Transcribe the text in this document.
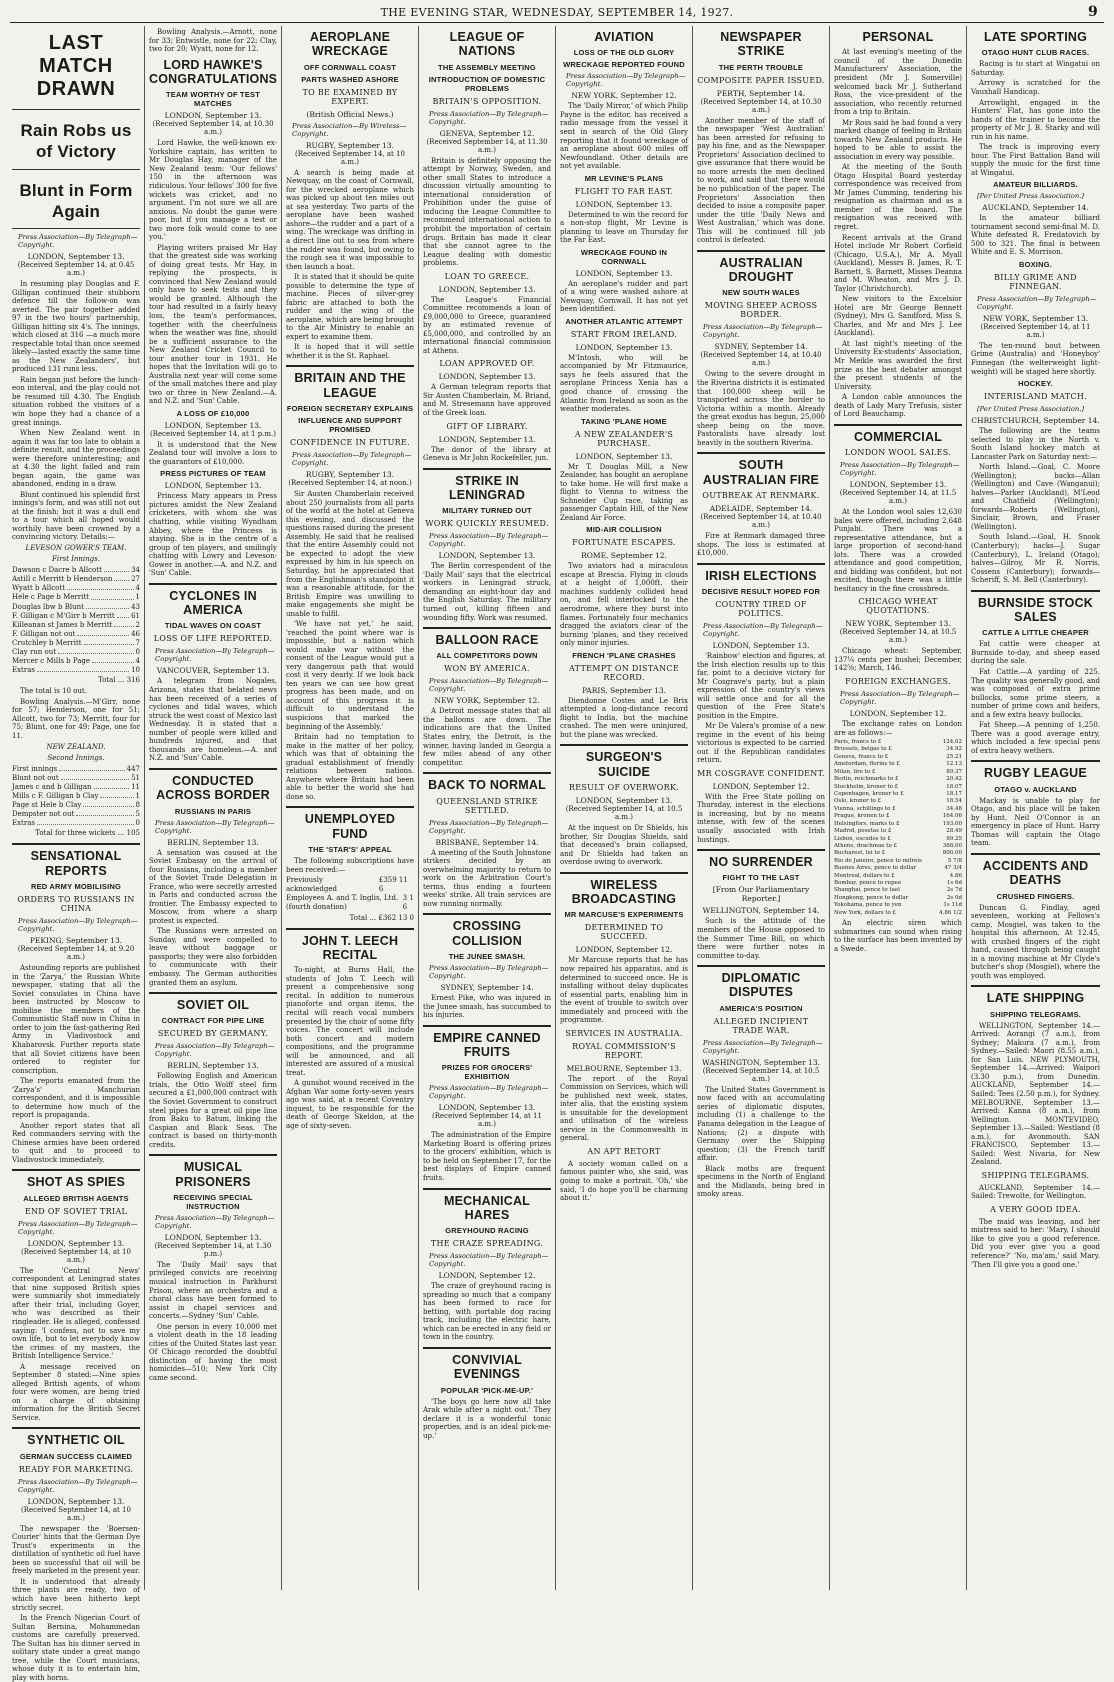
THE EVENING STAR, WEDNESDAY, SEPTEMBER 14, 1927.	9
LAST MATCH DRAWN
Rain Robs us of Victory
Blunt in Form Again
Press Association—By Telegraph—Copyright.
LONDON, September 13.
(Received September 14, at 0.45 a.m.)

In resuming play Douglas and F. Gilligan continued their stubborn defence till the follow-on was averted. The pair together added 97 in the two hours' partnership, Gilligan hitting six 4's. The innings, which closed at 316 —a much more respectable total than once seemed likely—lasted exactly the same time as the New Zealanders', but produced 131 runs less.

Rain began just before the lunch-eon interval, and the play could not be resumed till 4.30. The English situation robbed the visitors of a win hope they had a chance of a great innings.

When New Zealand went in again it was far too late to obtain a definite result, and the proceedings were therefore uninteresting; and at 4.30 the light failed and rain began again, the game was abandoned, ending in a draw.

Blunt continued his splendid first innings's form, and was still not out at the finish; but it was a dull end to a tour which all hoped would worthily have been crowned by a convincing victory. Details:—

LEVESON GOWER'S TEAM.
First Innings.
Dawson c Dacre b Allcott	34
Astill c Merritt b Henderson	27
Wyatt b Allcott	4
Hele c Page b Merritt	1
Douglas lbw b Blunt	43
F. Gilligan c M'Girr b Merritt 61
Killeanan st James b Merritt	2
F. Gilligan not out	46
Crutchley b Merritt	7
Clay run out	0
Mercer c Mills b Page	4
Extras	10
Total ... 316

The total is 10 out.

Bowling Analysis.—M'Girr, none for 57; Henderson, one for 51; Allcott, two for 73; Merritt, four for 75; Blunt, one for 49; Page, one for 11.

NEW ZEALAND.
Second Innings.
First innings	447
Blunt not out	51
James c and b Gilligan	11
Mills c F. Gilligan b Clay	1
Page st Hele b Clay	8
Dempster not out	5
Extras	0
Total for three wickets ... 105
SENSATIONAL REPORTS
RED ARMY MOBILISING
ORDERS TO RUSSIANS IN CHINA
Press Association—By Telegraph—Copyright.
PEKING, September 13.
(Received September 14, at 9.20 a.m.)

Astounding reports are published in the 'Zarya,' the Russian White newspaper, stating that all the Soviet consulates in China have been instructed by Moscow to mobilise the members of the Communistic Staff now in China in order to join the fast-gathering Red Army in Vladivostock and Khabarovsk. Further reports state that all Soviet citizens have been ordered to register for conscription.

The reports emanated from the 'Zarya's' Manchurian correspondent, and it is impossible to determine how much of the report is propaganda.

Another report states that all Red commanders serving with the Chinese armies have been ordered to quit and to proceed to Vladivostock immediately.

SHOT AS SPIES
ALLEGED BRITISH AGENTS
END OF SOVIET TRIAL
Press Association—By Telegraph—Copyright.
LONDON, September 13.
(Received September 14, at 10 a.m.)

The 'Central News' correspondent at Leningrad states that nine supposed British spies were summarily shot immediately after their trial, including Goyer, who was described as their ringleader. He is alleged, confessed saying: 'I confess, not to save my own life, but to let everybody know the crimes of my masters, the British Intelligence Service.'

A message received on September 8 stated:—Nine spies alleged British agents, of whom four were women, are being tried on a charge of obtaining information for the British Secret Service.

SYNTHETIC OIL
GERMAN SUCCESS CLAIMED
READY FOR MARKETING.
Press Association—By Telegraph—Copyright.
LONDON, September 13.
(Received September 14, at 10 a.m.)

The newspaper the 'Boersen-Courier' hints that the German Dye Trust's experiments in the distillation of synthetic oil fuel have been so successful that oil will be freely marketed in the present year.

It is understood that already three plants are ready, two of which have been hitherto kept strictly secret.

In the French Nigerian Court of Sultan Bernina, Mohammedan customs are carefully preserved. The Sultan has his dinner served in solitary state under a great mango tree, while the Court musicians, whose duty it is to entertain him, play with horns.

Bowling Analysis.—Arnott, none for 33; Entwistle, none for 22; Clay, two for 20; Wyatt, none for 12.

LORD HAWKE'S CONGRATULATIONS
TEAM WORTHY OF TEST MATCHES
LONDON, September 13.
(Received September 14, at 10.30 a.m.)

Lord Hawke, the well-known ex-Yorkshire captain, has written to Mr Douglas Hay, manager of the New Zealand team: 'Our fellows' 150 in the afternoon was ridiculous. Your fellows' 300 for five wickets was cricket, and no argument. I'm not sure we all are anxious. No doubt the game were poor, but if you manage a test or two more folk would come to see you.'

Playing writers praised Mr Hay that the greatest side was working of doing great tests. Mr Hay, in replying the prospects, is convinced that New Zealand would only have to seek tests and they would be granted. Although the tour had resulted in a fairly heavy loss, the team's performances, together with the cheerfulness when the weather was fine, should be a sufficient assurance to the New Zealand Cricket Council to tour another tour in 1931. He hopes that the Invitation will go to Australia next year will come some of the small matches there and play two or three in New Zealand.—A. and N.Z. and 'Sun' Cable.

A LOSS OF £10,000
LONDON, September 13.
(Received September 14, at 1 p.m.)

It is understood that the New Zealand tour will involve a loss to the guarantors of £10,000.

PRESS PICTURES OF TEAM
LONDON, September 13.

Princess Mary appears in Press pictures amidst the New Zealand cricketers, with whom she was chatting, while visiting Wyndham Abbey, where the Princess is staying. She is in the centre of a group of ten players, and smilingly chatting with Lowry and Leveson-Gower in another.—A. and N.Z. and 'Sun' Cable.

CYCLONES IN AMERICA
TIDAL WAVES ON COAST
LOSS OF LIFE REPORTED.
Press Association—By Telegraph—Copyright.
VANCOUVER, September 13.

A telegram from Nogales, Arizona, states that belated news has been received of a series of cyclones and tidal waves, which struck the west coast of Mexico last Wednesday. It is stated that a number of people were killed and hundreds injured, and that thousands are homeless.—A. and N.Z. and 'Sun' Cable.

CONDUCTED ACROSS BORDER
RUSSIANS IN PARIS
Press Association—By Telegraph—Copyright.
BERLIN, September 13.

A sensation was caused at the Soviet Embassy on the arrival of four Russians, including a member of the Soviet Trade Delegation in France, who were secretly arrested in Paris and conducted across the frontier. The Embassy expected to Moscow, from where a sharp protest is expected.

The Russians were arrested on Sunday, and were compelled to leave without baggage or passports; they were also forbidden to communicate with their embassy. The German authorities granted them an asylum.

SOVIET OIL
CONTRACT FOR PIPE LINE
SECURED BY GERMANY.
Press Association—By Telegraph—Copyright.
BERLIN, September 13.

Following English and American trials, the Otto Wolff steel firm secured a £1,000,000 contract with the Soviet Government to construct steel pipes for a great oil pipe line from Baku to Batum, linking the Caspian and Black Seas. The contract is based on thirty-month credits.

MUSICAL PRISONERS
RECEIVING SPECIAL INSTRUCTION
Press Association—By Telegraph—Copyright.
LONDON, September 13.
(Received September 14, at 1.30 p.m.)

The 'Daily Mail' says that privileged convicts are receiving musical instruction in Parkhurst Prison, where an orchestra and a choral class have been formed to assist in chapel services and concerts.—Sydney 'Sun' Cable.

One person in every 10,000 met a violent death in the 18 leading cities of the United States last year. Of Chicago recorded the doubtful distinction of having the most homicides—510; New York City came second.

AEROPLANE WRECKAGE
OFF CORNWALL COAST
PARTS WASHED ASHORE
TO BE EXAMINED BY EXPERT.
(British Official News.)
Press Association—By Wireless—Copyright.
RUGBY, September 13.
(Received September 14, at 10 a.m.)

A search is being made at Newquay, on the coast of Cornwall, for the wrecked aeroplane which was picked up about ten miles out at sea yesterday. Two parts of the aeroplane have been washed ashore—the rudder and a part of a wing. The wreckage was drifting in a direct line out to sea from where the rudder was found, but owing to the rough sea it was impossible to then launch a boat.

It is stated that it should be quite possible to determine the type of machine. Pieces of silver-grey fabric are attached to both the rudder and the wing of the aeroplane, which are being brought to the Air Ministry to enable an expert to examine them.

It is hoped that it will settle whether it is the St. Raphael.

BRITAIN AND THE LEAGUE
FOREIGN SECRETARY EXPLAINS
INFLUENCE AND SUPPORT PROMISED
CONFIDENCE IN FUTURE.
Press Association—By Telegraph—Copyright.
RUGBY, September 13.
(Received September 14, at noon.)

Sir Austen Chamberlain received about 250 journalists from all parts of the world at the hotel at Geneva this evening, and discussed the questions raised during the present Assembly. He said that he realised that the entire Assembly could not be expected to adopt the view expressed by him in his speech on Saturday, but he appreciated that from the Englishman's standpoint it was a reasonable attitude, for the British Empire was unwilling to make engagements she might be unable to fulfil.

'We have not yet,' he said, 'reached the point where war is impossible, but a nation which would make war without the consent of the League would put a very dangerous path that would cost it very dearly. If we look back ten years we can see how great progress has been made, and on account of this progress it is difficult to understand the suspicions that marked the beginning of the Assembly.'

Britain had no temptation to make in the matter of her policy, which was that of obtaining the gradual establishment of friendly relations between nations. Anywhere where Britain had been able to better the world she had done so.

UNEMPLOYED FUND
THE 'STAR'S' APPEAL

The following subscriptions have been received:—

Previously acknowledged
£359 11 6
Employees A. and T. Inglis, Ltd. (fourth donation)
3 1 6
Total ... £362 13 0
JOHN T. LEECH RECITAL

To-night, at Burns Hall, the students of John T. Leech will present a comprehensive song recital. In addition to numerous pianoforte and organ items, the recital will reach vocal numbers presented by the choir of some fifty voices. The concert will include both concert and modern compositions, and the programme will be announced, and all interested are assured of a musical treat.

A gunshot wound received in the Afghan War some forty-seven years ago was said, at a recent Coventry inquest, to be responsible for the death of George Skeldon, at the age of sixty-seven.

LEAGUE OF NATIONS
THE ASSEMBLY MEETING
INTRODUCTION OF DOMESTIC PROBLEMS
BRITAIN'S OPPOSITION.
Press Association—By Telegraph—Copyright.
GENEVA, September 12.
(Received September 14, at 11.30 a.m.)

Britain is definitely opposing the attempt by Norway, Sweden, and other small States to introduce a discussion virtually amounting to international consideration of Prohibition under the guise of inducing the League Committee to recommend international action to prohibit the importation of certain drugs. Britain has made it clear that she cannot agree to the League dealing with domestic problems.

LOAN TO GREECE.
LONDON, September 13.

The League's Financial Committee recommends a loan of £9,000,000 to Greece, guaranteed by an estimated revenue of £5,000,000, and controlled by an international financial commission at Athens.

LOAN APPROVED OF.
LONDON, September 13.

A German telegram reports that Sir Austen Chamberlain, M. Briand, and M. Stresemann have approved of the Greek loan.

GIFT OF LIBRARY.
LONDON, September 13.

The donor of the library at Geneva is Mr John Rockefeller, jun.

STRIKE IN LENINGRAD
MILITARY TURNED OUT
WORK QUICKLY RESUMED.
Press Association—By Telegraph—Copyright.
LONDON, September 13.

The Berlin correspondent of the 'Daily Mail' says that the electrical workers in Leningrad struck, demanding an eight-hour day and the English Saturday. The military turned out, killing fifteen and wounding fifty. Work was resumed.

BALLOON RACE
ALL COMPETITORS DOWN
WON BY AMERICA.
Press Association—By Telegraph—Copyright.
NEW YORK, September 12.

A Detroit message states that all the balloons are down. The indications are that the United States entry, the Detroit, is the winner, having landed in Georgia a few miles ahead of any other competitor.

BACK TO NORMAL
QUEENSLAND STRIKE SETTLED.
Press Association—By Telegraph—Copyright.
BRISBANE, September 14.

A meeting of the South Johnstone strikers decided by an overwhelming majority to return to work on the Arbitration Court's terms, thus ending a fourteen weeks' strike. All train services are now running normally.

CROSSING COLLISION
THE JUNEE SMASH.
Press Association—By Telegraph—Copyright.
SYDNEY, September 14.

Ernest Pike, who was injured in the Junee smash, has succumbed to his injuries.

EMPIRE CANNED FRUITS
PRIZES FOR GROCERS' EXHIBITION
Press Association—By Telegraph—Copyright.
LONDON, September 13.
(Received September 14, at 11 a.m.)

The administration of the Empire Marketing Board is offering prizes to the grocers' exhibition, which is to be held on September 17, for the best displays of Empire canned fruits.

MECHANICAL HARES
GREYHOUND RACING
THE CRAZE SPREADING.
Press Association—By Telegraph—Copyright.
LONDON, September 12.

The craze of greyhound racing is spreading so much that a company has been formed to race for betting, with portable dog racing track, including the electric hare, which can be erected in any field or town in the country.

CONVIVIAL EVENINGS
POPULAR 'PICK-ME-UP.'

'The boys go here now all take Arak while after a night out.' They declare it is a wonderful tonic properties, and is an ideal pick-me-up.'

AVIATION
LOSS OF THE OLD GLORY
WRECKAGE REPORTED FOUND
Press Association—By Telegraph—Copyright.
NEW YORK, September 12.

The 'Daily Mirror,' of which Philip Payne is the editor, has received a radio message from the vessel it sent in search of the Old Glory reporting that it found wreckage of an aeroplane about 600 miles off Newfoundland. Other details are not yet available.

MR LEVINE'S PLANS
FLIGHT TO FAR EAST.
LONDON, September 13.

Determined to win the record for a non-stop flight, Mr Levine is planning to leave on Thursday for the Far East.

WRECKAGE FOUND IN CORNWALL
LONDON, September 13.

An aeroplane's rudder and part of a wing were washed ashore at Newquay, Cornwall. It has not yet been identified.

ANOTHER ATLANTIC ATTEMPT
START FROM IRELAND.
LONDON, September 13.

M'Intosh, who will be accompanied by Mr Fitzmaurice, says he feels assured that the aeroplane Princess Xenia has a good chance of crossing the Atlantic from Ireland as soon as the weather moderates.

TAKING 'PLANE HOME
A NEW ZEALANDER'S PURCHASE.
LONDON, September 13.

Mr T. Douglas Mill, a New Zealander, has bought an aeroplane to take home. He will first make a flight to Vienna to witness the Schneider Cup race, taking as passenger Captain Hill, of the New Zealand Air Force.

MID-AIR COLLISION
FORTUNATE ESCAPES.
ROME, September 12.

Two aviators had a miraculous escape at Brescia. Flying in clouds at a height of 1,000ft, their machines suddenly collided head on, and fell interlocked to the aerodrome, where they burst into flames. Fortunately four mechanics dragged the aviators clear of the burning 'planes, and they received only minor injuries.

FRENCH 'PLANE CRASHES
ATTEMPT ON DISTANCE RECORD.
PARIS, September 13.

Diendonne Costes and Le Brix attempted a long-distance record flight to India, but the machine crashed. The men were uninjured, but the plane was wrecked.

SURGEON'S SUICIDE
RESULT OF OVERWORK.
LONDON, September 13.
(Received September 14, at 10.5 a.m.)

At the inquest on Dr Shields, his brother, Sir Douglas Shields, said that deceased's brain collapsed, and Dr Shields had taken an overdose owing to overwork.

WIRELESS BROADCASTING
MR MARCUSE'S EXPERIMENTS
DETERMINED TO SUCCEED.
LONDON, September 12.

Mr Marcuse reports that he has now repaired his apparatus, and is determined to succeed once. He is installing without delay duplicates of essential parts, enabling him in the event of trouble to switch over immediately and proceed with the programme.

SERVICES IN AUSTRALIA.
ROYAL COMMISSION'S REPORT.
MELBOURNE, September 13.

The report of the Royal Commission on Services, which will be published next week, states, inter alia, that the existing system is unsuitable for the development and utilisation of the wireless service in the Commonwealth in general.

AN APT RETORT

A society woman called on a famous painter who, she said, was going to make a portrait. 'Oh,' she said, 'I do hope you'll be charming about it.'

NEWSPAPER STRIKE
THE PERTH TROUBLE
COMPOSITE PAPER ISSUED.
PERTH, September 14.
(Received September 14, at 10.30 a.m.)

Another member of the staff of the newspaper 'West Australian' has been arrested for refusing to pay his fine, and as the Newspaper Proprietors' Association declined to give assurance that there would be no more arrests the men declined to work, and said that there would be no publication of the paper. The Proprietors' Association then decided to issue a composite paper under the title 'Daily News and West Australian,' which was done. This will be continued till job control is defeated.

AUSTRALIAN DROUGHT
NEW SOUTH WALES
MOVING SHEEP ACROSS BORDER.
Press Association—By Telegraph—Copyright.
SYDNEY, September 14.
(Received September 14, at 10.40 a.m.)

Owing to the severe drought in the Riverina districts it is estimated that 100,000 sheep will be transported across the border to Victoria within a month. Already the great exodus has begun, 25,000 sheep being on the move. Pastoralists have already lost heavily in the southern Riverina.

SOUTH AUSTRALIAN FIRE
OUTBREAK AT RENMARK.
ADELAIDE, September 14.
(Received September 14, at 10.40 a.m.)

Fire at Renmark damaged three shops. The loss is estimated at £10,000.

IRISH ELECTIONS
DECISIVE RESULT HOPED FOR
COUNTRY TIRED OF POLITICS.
Press Association—By Telegraph—Copyright.
LONDON, September 13.

'Rainbow' election and figures, at the Irish election results up to this far, point to a decisive victory for Mr Cosgrave's party, but a plain expression of the country's views will settle once and for all the question of the Free State's position in the Empire.

Mr De Valera's promise of a new regime in the event of his being victorious is expected to be carried out if the Republican candidates return.

MR COSGRAVE CONFIDENT.
LONDON, September 12.

With the Free State polling on Thursday, interest in the elections is increasing, but by no means intense, with few of the scenes usually associated with Irish hustings.

NO SURRENDER
FIGHT TO THE LAST
[From Our Parliamentary Reporter.]
WELLINGTON, September 14.

Such is the attitude of the members of the House opposed to the Summer Time Bill, on which there were further notes in committee to-day.

DIPLOMATIC DISPUTES
AMERICA'S POSITION
ALLEGED INCIPIENT TRADE WAR.
Press Association—By Telegraph—Copyright.
WASHINGTON, September 13.
(Received September 14, at 10.5 a.m.)

The United States Government is now faced with an accumulating series of diplomatic disputes, including (1) a challenge to the Panama delegation in the League of Nations; (2) a dispute with Germany over the Shipping question; (3) the French tariff affair.

Black moths are frequent specimens in the North of England and the Midlands, being bred in smoky areas.

PERSONAL

At last evening's meeting of the council of the Dunedin Manufacturers' Association, the president (Mr J. Somerville) welcomed back Mr J. Sutherland Ross, the vice-president of the association, who recently returned from a trip to Britain.

Mr Ross said he had found a very marked change of feeling in Britain towards New Zealand products. He hoped to be able to assist the association in every way possible.

At the meeting of the South Otago Hospital Board yesterday correspondence was received from Mr James Cumming, tendering his resignation as chairman and as a member of the board. The resignation was received with regret.

Recent arrivals at the Grand Hotel include Mr Robert Corfield (Chicago, U.S.A.), Mr A. Myall (Auckland), Messrs B. James, R. T. Barnett, S. Barnett, Misses Deanna and M. Wheaton, and Mrs J. D. Taylor (Christchurch).

New visitors to the Excelsior Hotel are Mr George Bennett (Sydney), Mrs G. Sandford, Miss S. Charles, and Mr and Mrs J. Lee (Auckland).

At last night's meeting of the University Ex-students' Association, Mr Meikle was awarded the first prize as the best debater amongst the present students of the University.

A London cable announces the death of Lady Mary Trefusis, sister of Lord Beauchamp.

COMMERCIAL
LONDON WOOL SALES.
Press Association—By Telegraph—Copyright.
LONDON, September 13.
(Received September 14, at 11.5 a.m.)

At the London wool sales 12,630 bales were offered, including 2,648 Punjabi. There was a representative attendance, but a large proportion of second-hand lots. There was a crowded attendance and good competition, and bidding was confident, but not excited, though there was a little hesitancy in the fine crossbreds.

CHICAGO WHEAT QUOTATIONS.
NEW YORK, September 13.
(Received September 14, at 10.5 a.m.)

Chicago wheat: September, 137¼ cents per bushel; December, 142⅝; March, 146.

FOREIGN EXCHANGES.
Press Association—By Telegraph—Copyright.
LONDON, September 12.

The exchange rates on London are as follows:—

Paris, francs to £	124.02
Brussels, belgas to £	34.92
Geneva, francs to £	25.21
Amsterdam, florins to £	12.13
Milan, lire to £	89.37
Berlin, reichmarks to £	20.42
Stockholm, kroner to £	18.07
Copenhagen, kroner to £	18.17
Oslo, kroner to £	18.54
Vienna, schillings to £	34.48
Prague, kronen to £	164.06
Helsingfors, marks to £	193.00
Madrid, pesetas to £	28.49
Lisbon, escudos to £	99.25
Athens, drachmae to £	368.00
Bucharest, lei to £	800.00
Rio de Janeiro, pence to milreis	5 7/8
Buenos Aires, pence to dollar	47 3/4
Montreal, dollars to £	4.86
Bombay, pence to rupee	1s 6d
Shanghai, pence to tael	2s 7d
Hongkong, pence to dollar	2s 0d
Yokohama, pence to yen	1s 11d
New York, dollars to £	4.86 1/2

An electric siren which submarines can sound when rising to the surface has been invented by a Swede.

LATE SPORTING
OTAGO HUNT CLUB RACES.

Racing is to start at Wingatui on Saturday.

Arrowy is scratched for the Vauxhall Handicap.

Arrowlight, engaged in the Hunters' Flat, has gone into the hands of the trainer to become the property of Mr J. B. Starky and will run in his name.

The track is improving every hour. The First Battalion Band will supply the music for the first time at Wingatui.

AMATEUR BILLIARDS.
[Per United Press Association.]
AUCKLAND, September 14.

In the amateur billiard tournament second semi-final M. D. White defeated R. Fredatovich by 500 to 321. The final is between White and E. S. Morrison.

BOXING.
BILLY GRIME AND FINNEGAN.
Press Association—By Telegraph—Copyright.
NEW YORK, September 13.
(Received September 14, at 11 a.m.)

The ten-round bout between Grime (Australia) and 'Honeyboy' Finnegan (the welterweight light-weight) will be staged here shortly.

HOCKEY.
INTERISLAND MATCH.
[Per United Press Association.]
CHRISTCHURCH, September 14.

The following are the teams selected to play in the North v. South Island hockey match at Lancaster Park on Saturday next:—

North Island.—Goal, C. Moore (Wellington); backs—Allan (Wellington) and Cave (Wanganui); halves—Parker (Auckland), M'Leod and Chatfield (Wellington); forwards—Roberts (Wellington), Sinclair, Brown, and Fraser (Wellington).

South Island.—Goal, H. Snook (Canterbury); backs—J. Sugar (Canterbury), L. Ireland (Otago); halves—Gilroy, Mr R. Norris, Cossens (Canterbury); forwards—Scheriff, S. M. Bell (Canterbury).

BURNSIDE STOCK SALES
CATTLE A LITTLE CHEAPER

Fat cattle were cheaper at Burnside to-day, and sheep eased during the sale.

Fat Cattle.—A yarding of 225. The quality was generally good, and was composed of extra prime bullocks, some prime steers, a number of prime cows and heifers, and a few extra heavy bullocks.

Fat Sheep.—A penning of 1,250. There was a good average entry, which included a few special pens of extra heavy wethers.

RUGBY LEAGUE
OTAGO v. AUCKLAND

Mackay is unable to play for Otago, and his place will be taken by Hunt. Neil O'Connor is an emergency in place of Hunt. Harry Thomas will captain the Otago team.

ACCIDENTS AND DEATHS
CRUSHED FINGERS.

Duncan G. Findlay, aged seventeen, working at Fellows's camp, Mosgiel, was taken to the hospital this afternoon. At 12.45, with crushed fingers of the right hand, caused through being caught in a moving machine at Mr Clyde's butcher's shop (Mosgiel), where the youth was employed.

LATE SHIPPING
SHIPPING TELEGRAMS.

WELLINGTON, September 14.—Arrived: Aorangi (7 a.m.), from Sydney; Makura (7 a.m.), from Sydney.—Sailed: Maori (8.55 a.m.), for San Luis. NEW PLYMOUTH, September 14.—Arrived: Waipori (3.30 p.m.), from Dunedin. AUCKLAND, September 14.—Sailed: Tees (2.50 p.m.), for Sydney. MELBOURNE, September 13.—Arrived: Kanna (8 a.m.), from Wellington. MONTEVIDEO, September 13.—Sailed: Westland (8 a.m.), for Avonmouth. SAN FRANCISCO, September 13.—Sailed: West Nivaria, for New Zealand.

SHIPPING TELEGRAMS.

AUCKLAND, September 14.—Sailed: Trewolte, for Wellington.

A VERY GOOD IDEA.

The maid was leaving, and her mistress said to her: 'Mary, I should like to give you a good reference. Did you ever give you a good reference?' 'No, ma'am,' said Mary. 'Then I'll give you a good one.'
